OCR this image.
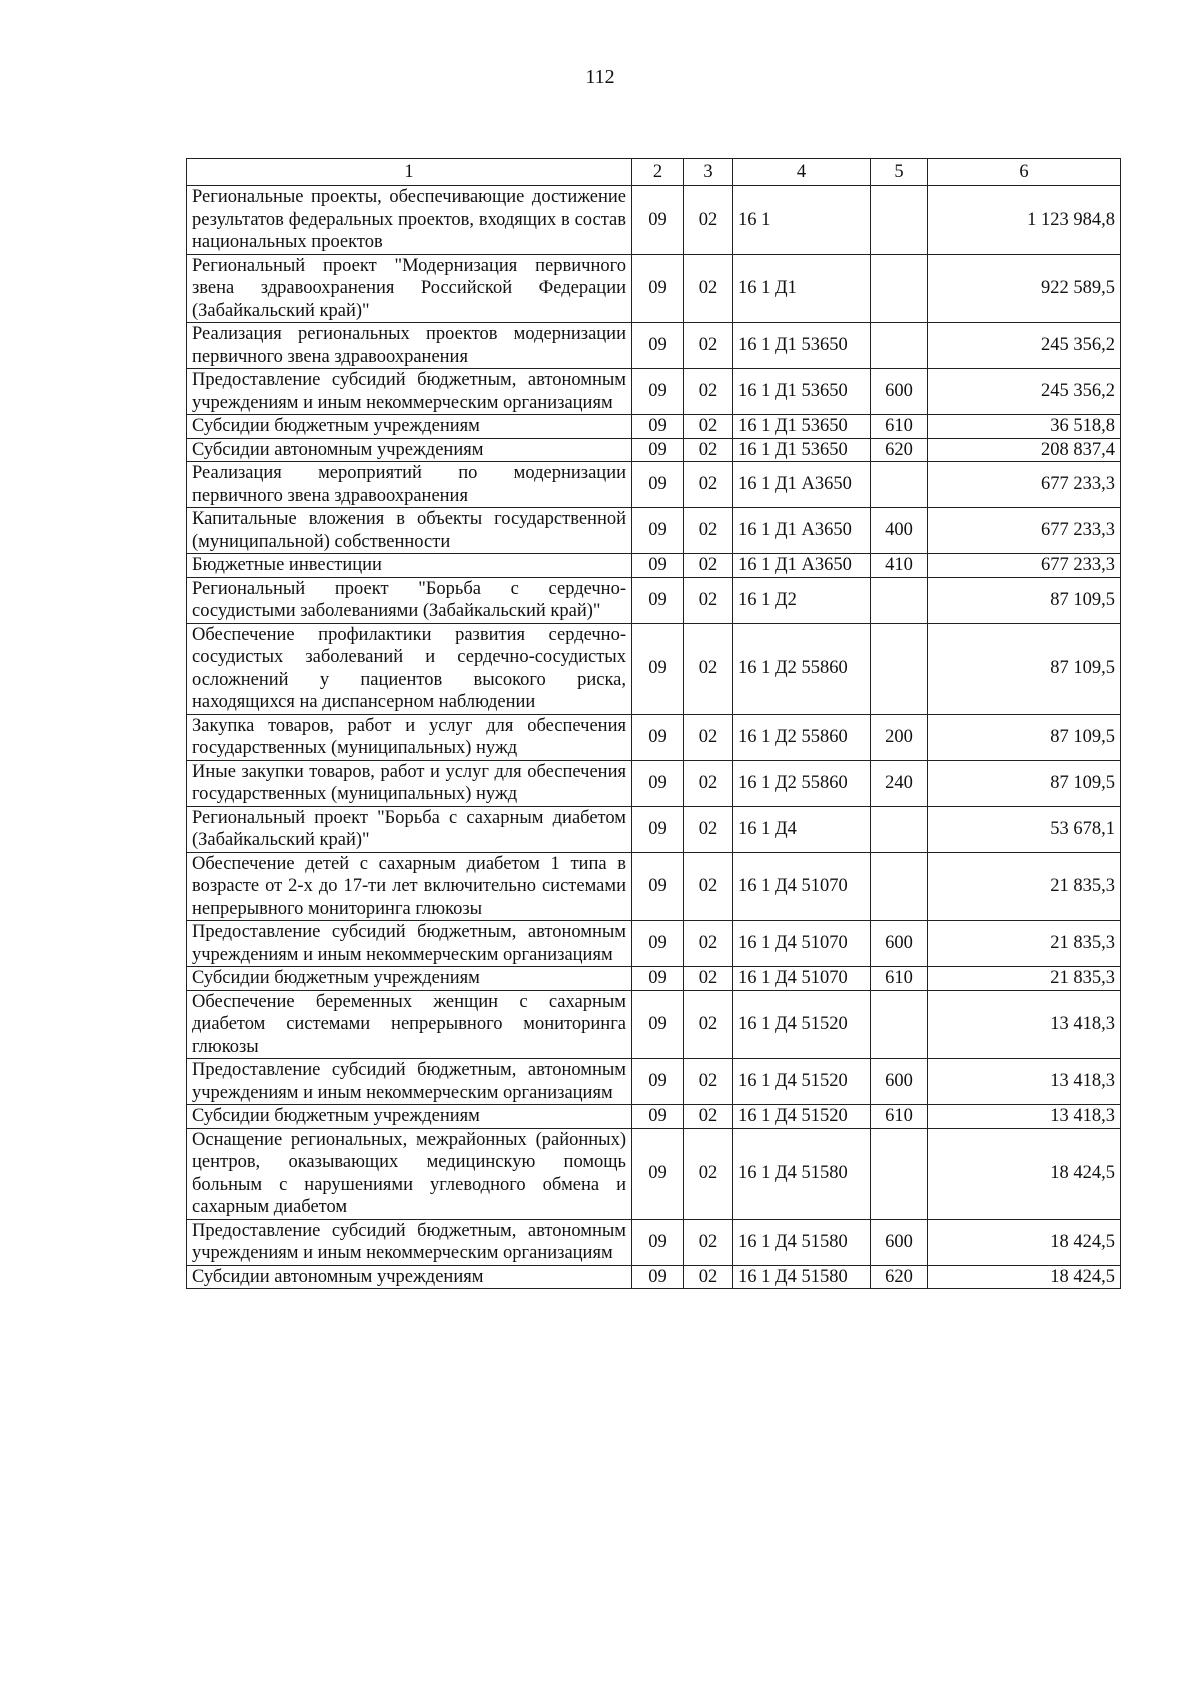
112
1	2	3	4	5	6
Региональные проекты, обеспечивающие достижение результатов федеральных проектов, входящих в состав национальных проектов	09	02	16 1		1 123 984,8
Региональный проект "Модернизация первичного звена здравоохранения Российской Федерации (Забайкальский край)"	09	02	16 1 Д1		922 589,5
Реализация региональных проектов модернизации первичного звена здравоохранения	09	02	16 1 Д1 53650		245 356,2
Предоставление субсидий бюджетным, автономным учреждениям и иным некоммерческим организациям	09	02	16 1 Д1 53650	600	245 356,2
Субсидии бюджетным учреждениям	09	02	16 1 Д1 53650	610	36 518,8
Субсидии автономным учреждениям	09	02	16 1 Д1 53650	620	208 837,4
Реализация мероприятий по модернизации первичного звена здравоохранения	09	02	16 1 Д1 А3650		677 233,3
Капитальные вложения в объекты государственной (муниципальной) собственности	09	02	16 1 Д1 А3650	400	677 233,3
Бюджетные инвестиции	09	02	16 1 Д1 А3650	410	677 233,3
Региональный проект "Борьба с сердечно-сосудистыми заболеваниями (Забайкальский край)"	09	02	16 1 Д2		87 109,5
Обеспечение профилактики развития сердечно-сосудистых заболеваний и сердечно-сосудистых осложнений у пациентов высокого риска, находящихся на диспансерном наблюдении	09	02	16 1 Д2 55860		87 109,5
Закупка товаров, работ и услуг для обеспечения государственных (муниципальных) нужд	09	02	16 1 Д2 55860	200	87 109,5
Иные закупки товаров, работ и услуг для обеспечения государственных (муниципальных) нужд	09	02	16 1 Д2 55860	240	87 109,5
Региональный проект "Борьба с сахарным диабетом (Забайкальский край)"	09	02	16 1 Д4		53 678,1
Обеспечение детей с сахарным диабетом 1 типа в возрасте от 2-х до 17-ти лет включительно системами непрерывного мониторинга глюкозы	09	02	16 1 Д4 51070		21 835,3
Предоставление субсидий бюджетным, автономным учреждениям и иным некоммерческим организациям	09	02	16 1 Д4 51070	600	21 835,3
Субсидии бюджетным учреждениям	09	02	16 1 Д4 51070	610	21 835,3
Обеспечение беременных женщин с сахарным диабетом системами непрерывного мониторинга глюкозы	09	02	16 1 Д4 51520		13 418,3
Предоставление субсидий бюджетным, автономным учреждениям и иным некоммерческим организациям	09	02	16 1 Д4 51520	600	13 418,3
Субсидии бюджетным учреждениям	09	02	16 1 Д4 51520	610	13 418,3
Оснащение региональных, межрайонных (районных) центров, оказывающих медицинскую помощь больным с нарушениями углеводного обмена и сахарным диабетом	09	02	16 1 Д4 51580		18 424,5
Предоставление субсидий бюджетным, автономным учреждениям и иным некоммерческим организациям	09	02	16 1 Д4 51580	600	18 424,5
Субсидии автономным учреждениям	09	02	16 1 Д4 51580	620	18 424,5
